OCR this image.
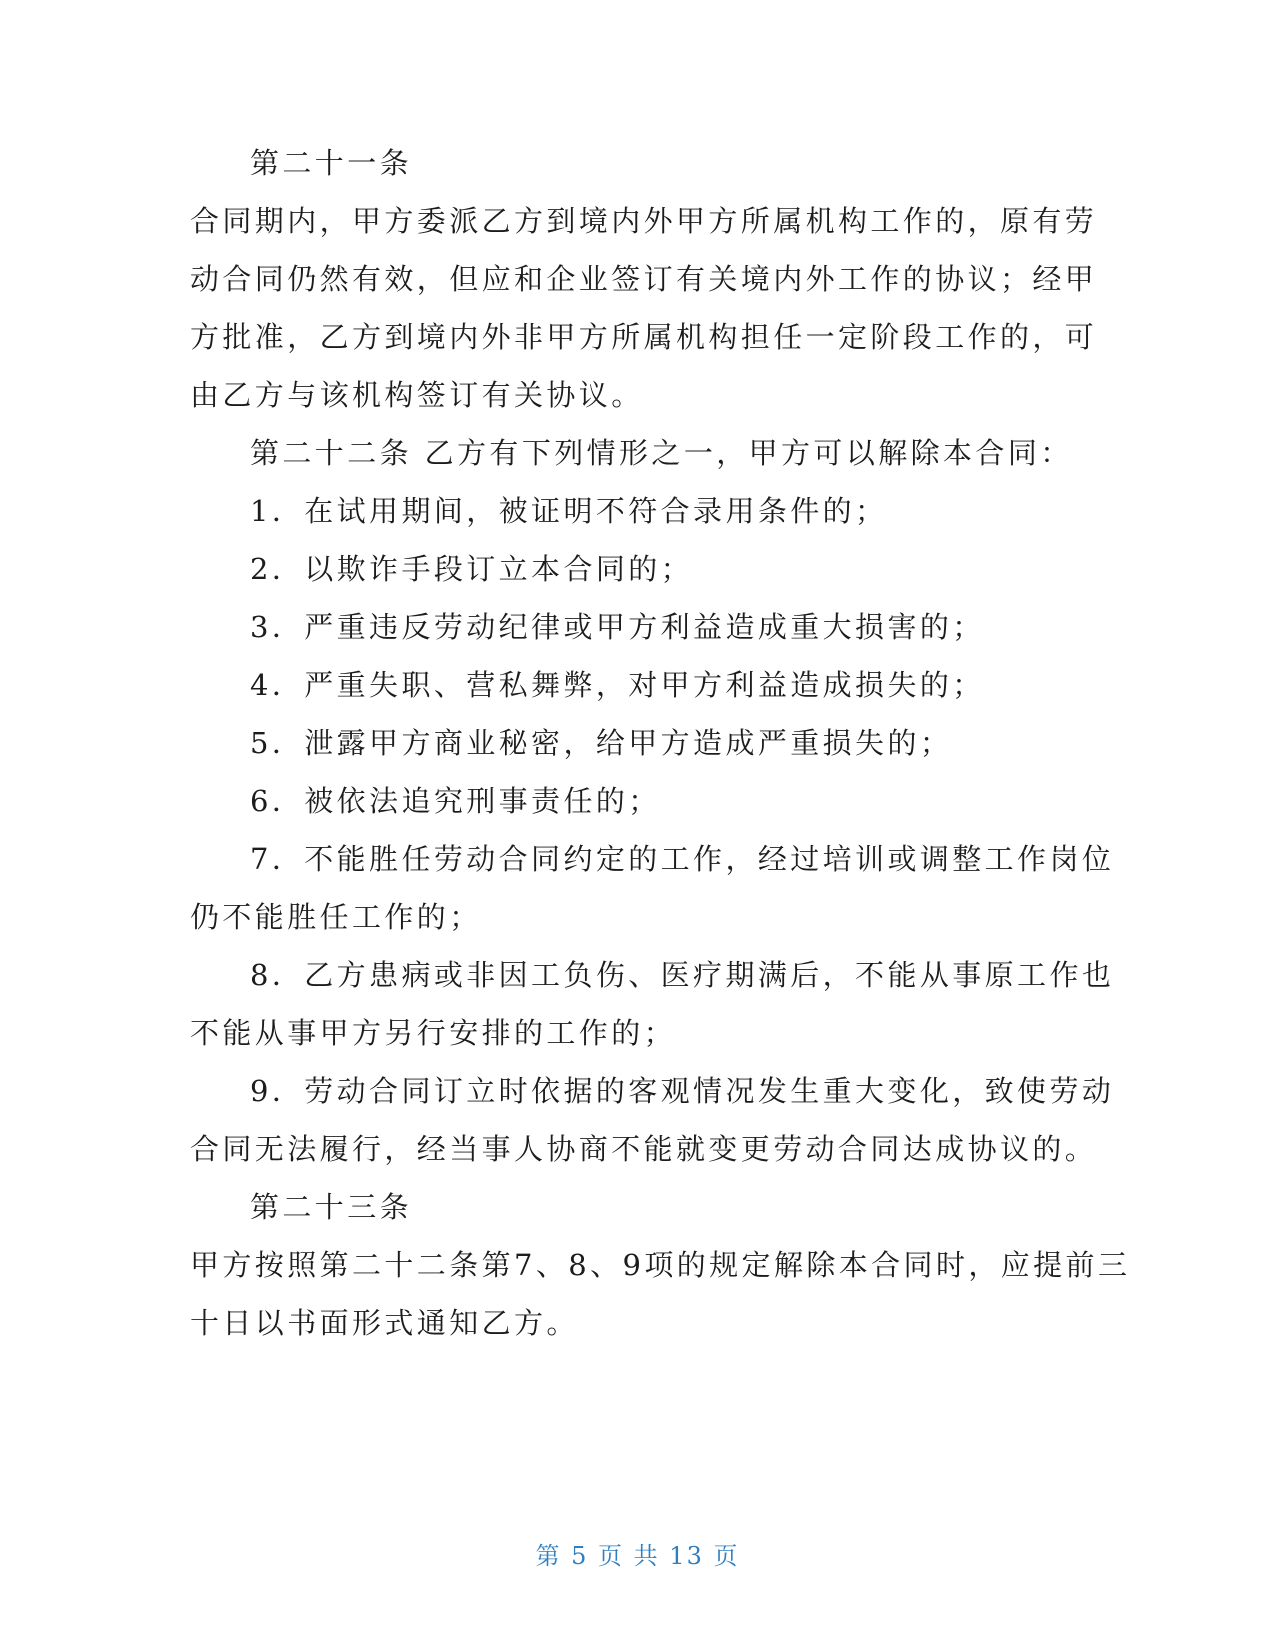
第二十一条
合同期内，甲方委派乙方到境内外甲方所属机构工作的，原有劳
动合同仍然有效，但应和企业签订有关境内外工作的协议；经甲
方批准，乙方到境内外非甲方所属机构担任一定阶段工作的，可
由乙方与该机构签订有关协议。
第二十二条 乙方有下列情形之一，甲方可以解除本合同：
1．在试用期间，被证明不符合录用条件的；
2．以欺诈手段订立本合同的；
3．严重违反劳动纪律或甲方利益造成重大损害的；
4．严重失职、营私舞弊，对甲方利益造成损失的；
5．泄露甲方商业秘密，给甲方造成严重损失的；
6．被依法追究刑事责任的；
7．不能胜任劳动合同约定的工作，经过培训或调整工作岗位
仍不能胜任工作的；
8．乙方患病或非因工负伤、医疗期满后，不能从事原工作也
不能从事甲方另行安排的工作的；
9．劳动合同订立时依据的客观情况发生重大变化，致使劳动
合同无法履行，经当事人协商不能就变更劳动合同达成协议的。
第二十三条
甲方按照第二十二条第7、8、9项的规定解除本合同时，应提前三
十日以书面形式通知乙方。
第 5 页 共 13 页
